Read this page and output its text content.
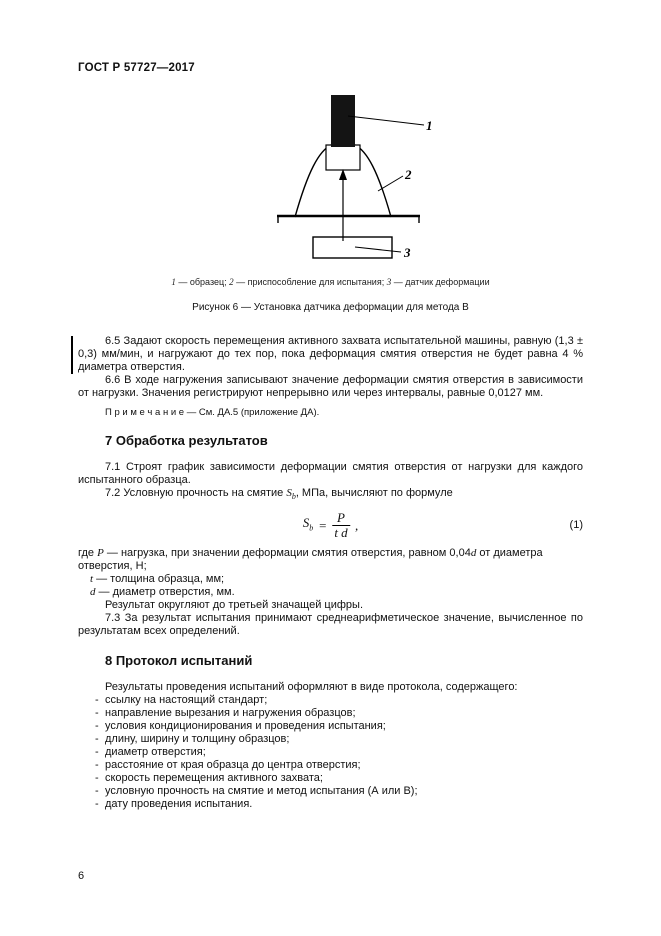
ГОСТ Р 57727—2017
1
2
3
1 — образец; 2 — приспособление для испытания; 3 — датчик деформации
Рисунок 6 — Установка датчика деформации для метода В

6.5 Задают скорость перемещения активного захвата испытательной машины, равную (1,3 ± 0,3) мм/мин, и нагружают до тех пор, пока деформация смятия отверстия не будет равна 4 % диаметра отверстия.

6.6 В ходе нагружения записывают значение деформации смятия отверстия в зависимости от нагрузки. Значения регистрируют непрерывно или через интервалы, равные 0,0127 мм.

П р и м е ч а н и е — См. ДА.5 (приложение ДА).

7 Обработка результатов

7.1 Строят график зависимости деформации смятия отверстия от нагрузки для каждого испытанного образца.

7.2 Условную прочность на смятие $S_b$, МПа, вычисляют по формуле

$S_b = \frac{P}{\text{t d}}$ ,	(1)

где P — нагрузка, при значении деформации смятия отверстия, равном 0,04d от диаметра отверстия, Н;

t — толщина образца, мм;

d — диаметр отверстия, мм.

Результат округляют до третьей значащей цифры.

7.3 За результат испытания принимают среднеарифметическое значение, вычисленное по результатам всех определений.

8 Протокол испытаний

Результаты проведения испытаний оформляют в виде протокола, содержащего:

- ссылку на настоящий стандарт;

- направление вырезания и нагружения образцов;

- условия кондиционирования и проведения испытания;

- длину, ширину и толщину образцов;

- диаметр отверстия;

- расстояние от края образца до центра отверстия;

- скорость перемещения активного захвата;

- условную прочность на смятие и метод испытания (А или В);

- дату проведения испытания.

6
